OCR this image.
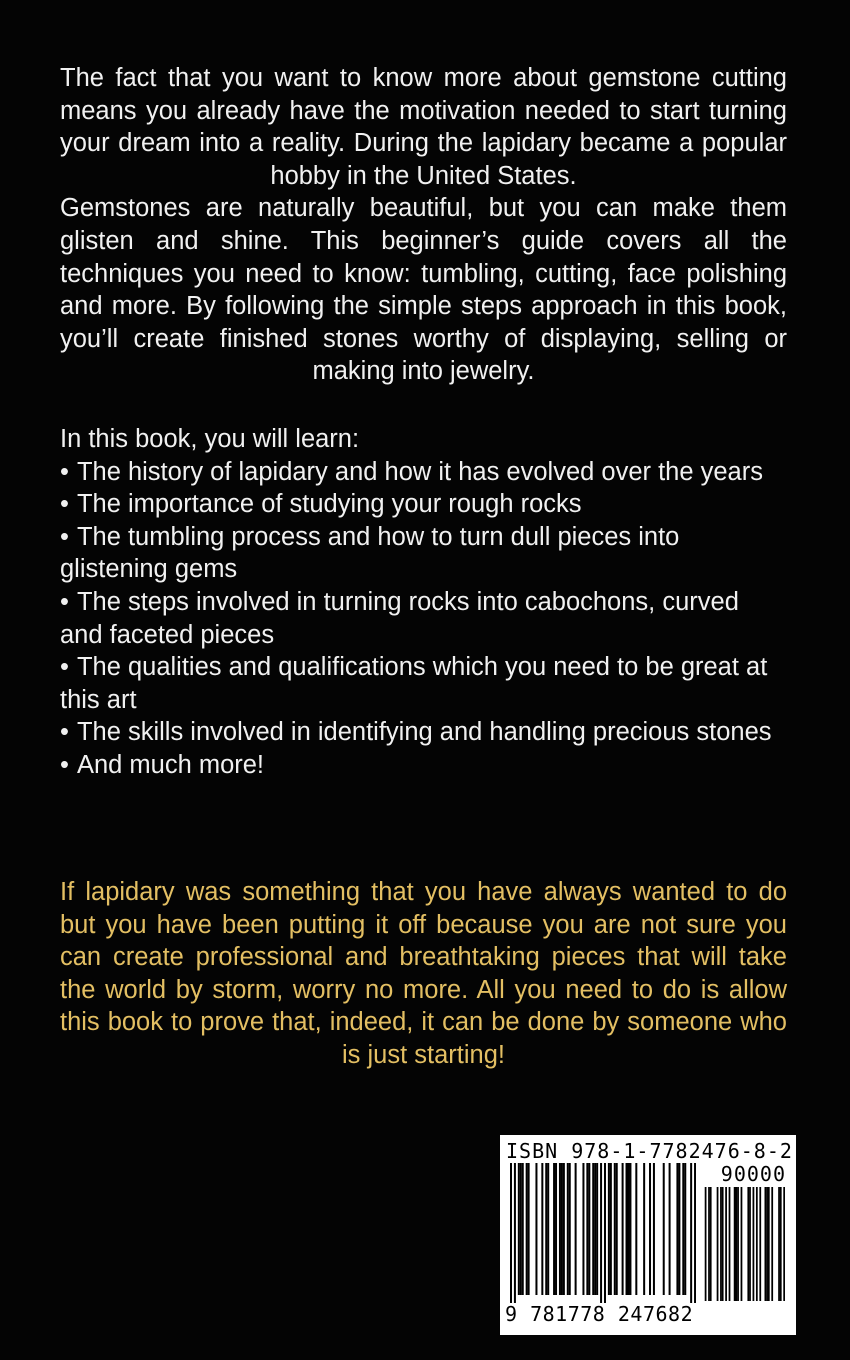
The fact that you want to know more about gemstone cutting means you already have the motivation needed to start turning your dream into a reality. During the lapidary became a popular hobby in the United States.

Gemstones are naturally beautiful, but you can make them glisten and shine. This beginner’s guide covers all the techniques you need to know: tumbling, cutting, face polishing and more. By following the simple steps approach in this book, you’ll create finished stones worthy of displaying, selling or making into jewelry.

In this book, you will learn:

• The history of lapidary and how it has evolved over the years
• The importance of studying your rough rocks
• The tumbling process and how to turn dull pieces into glistening gems
• The steps involved in turning rocks into cabochons, curved and faceted pieces
• The qualities and qualifications which you need to be great at this art
• The skills involved in identifying and handling precious stones
• And much more!

If lapidary was something that you have always wanted to do but you have been putting it off because you are not sure you can create professional and breathtaking pieces that will take the world by storm, worry no more. All you need to do is allow this book to prove that, indeed, it can be done by someone who is just starting!

ISBN 978-1-7782476-8-2
90000
9 781778 247682
